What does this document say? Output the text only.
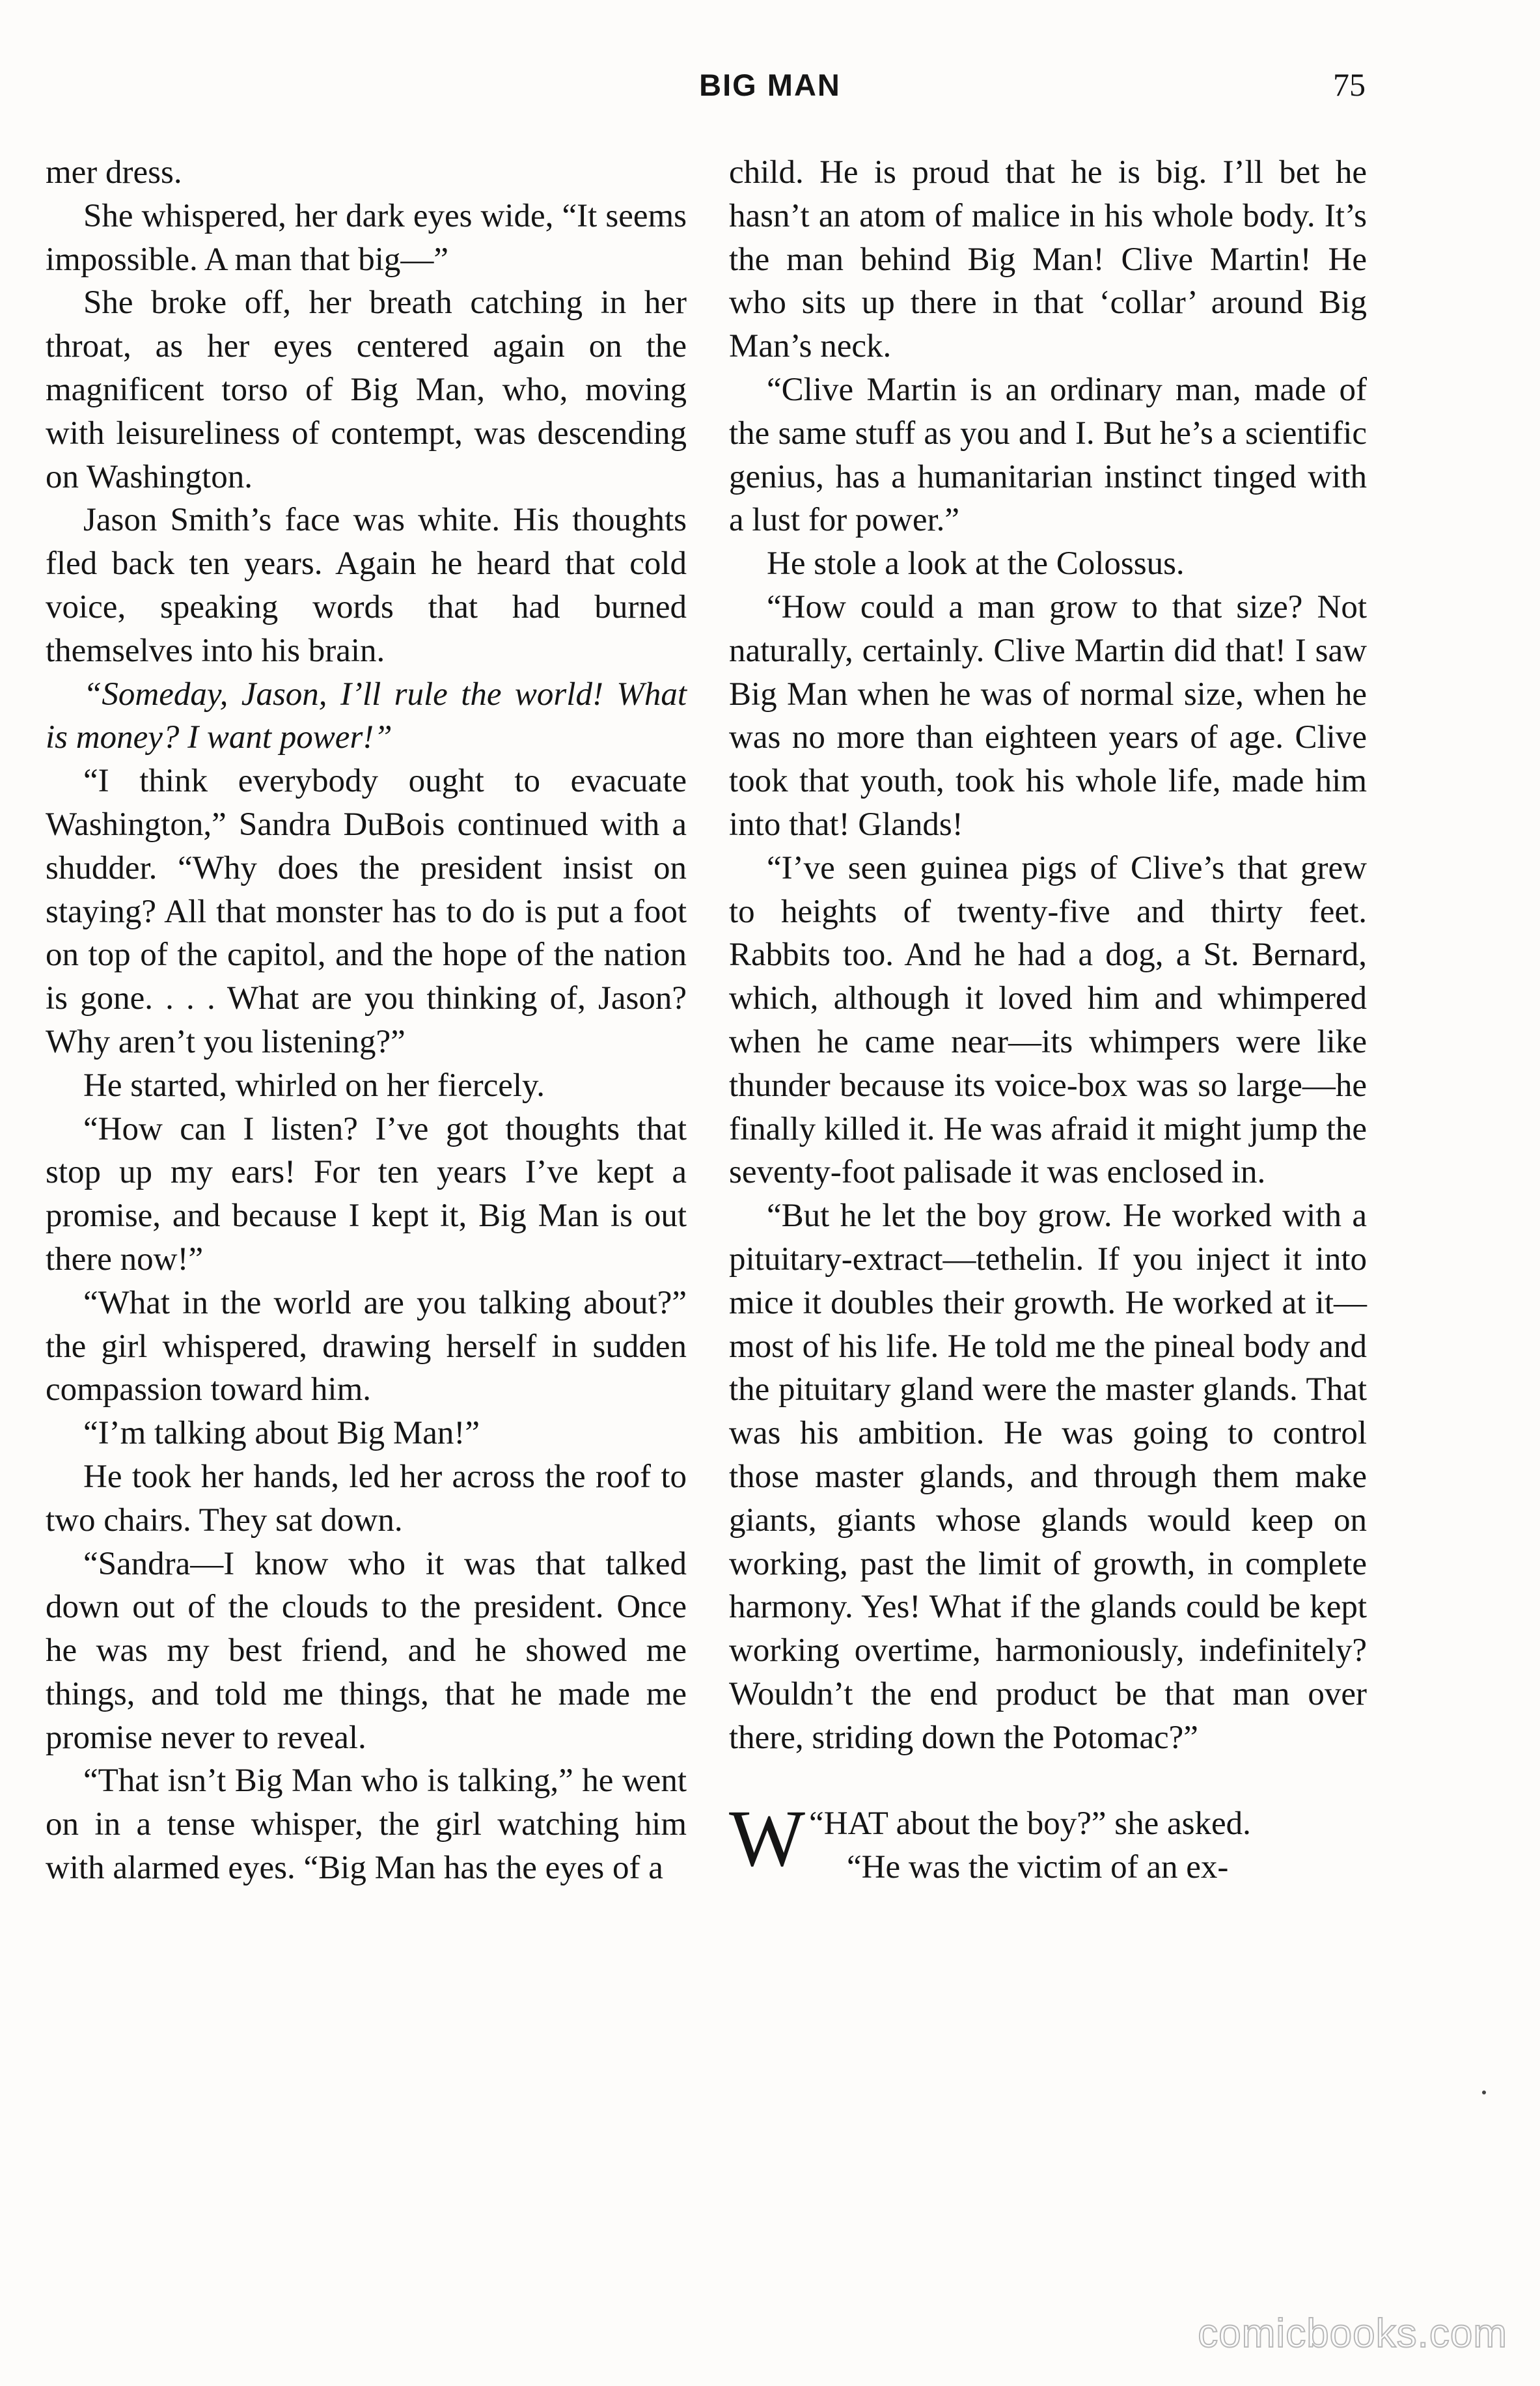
BIG MAN	75

mer dress.

She whispered, her dark eyes wide, “It seems impossible. A man that big—”

She broke off, her breath catching in her throat, as her eyes centered again on the magnificent torso of Big Man, who, moving with leisureliness of contempt, was descending on Washington.

Jason Smith’s face was white. His thoughts fled back ten years. Again he heard that cold voice, speaking words that had burned themselves into his brain.

“Someday, Jason, I’ll rule the world! What is money? I want power!”

“I think everybody ought to evacuate Washington,” Sandra DuBois continued with a shudder. “Why does the president insist on staying? All that monster has to do is put a foot on top of the capitol, and the hope of the nation is gone. . . . What are you thinking of, Jason? Why aren’t you listening?”

He started, whirled on her fiercely.

“How can I listen? I’ve got thoughts that stop up my ears! For ten years I’ve kept a promise, and because I kept it, Big Man is out there now!”

“What in the world are you talking about?” the girl whispered, drawing herself in sudden compassion toward him.

“I’m talking about Big Man!”

He took her hands, led her across the roof to two chairs. They sat down.

“Sandra—I know who it was that talked down out of the clouds to the president. Once he was my best friend, and he showed me things, and told me things, that he made me promise never to reveal.

“That isn’t Big Man who is talking,” he went on in a tense whisper, the girl watching him with alarmed eyes. “Big Man has the eyes of a

child. He is proud that he is big. I’ll bet he hasn’t an atom of malice in his whole body. It’s the man behind Big Man! Clive Martin! He who sits up there in that ‘collar’ around Big Man’s neck.

“Clive Martin is an ordinary man, made of the same stuff as you and I. But he’s a scientific genius, has a humanitarian instinct tinged with a lust for power.”

He stole a look at the Colossus.

“How could a man grow to that size? Not naturally, certainly. Clive Martin did that! I saw Big Man when he was of normal size, when he was no more than eighteen years of age. Clive took that youth, took his whole life, made him into that! Glands!

“I’ve seen guinea pigs of Clive’s that grew to heights of twenty-five and thirty feet. Rabbits too. And he had a dog, a St. Bernard, which, although it loved him and whimpered when he came near—its whimpers were like thunder because its voice-box was so large—he finally killed it. He was afraid it might jump the seventy-foot palisade it was enclosed in.

“But he let the boy grow. He worked with a pituitary-extract—tethelin. If you inject it into mice it doubles their growth. He worked at it—most of his life. He told me the pineal body and the pituitary gland were the master glands. That was his ambition. He was going to control those master glands, and through them make giants, giants whose glands would keep on working, past the limit of growth, in complete harmony. Yes! What if the glands could be kept working overtime, harmoniously, indefinitely? Wouldn’t the end product be that man over there, striding down the Potomac?”

“
W HAT about the boy?” she asked.

“He was the victim of an ex-

comicbooks.com
